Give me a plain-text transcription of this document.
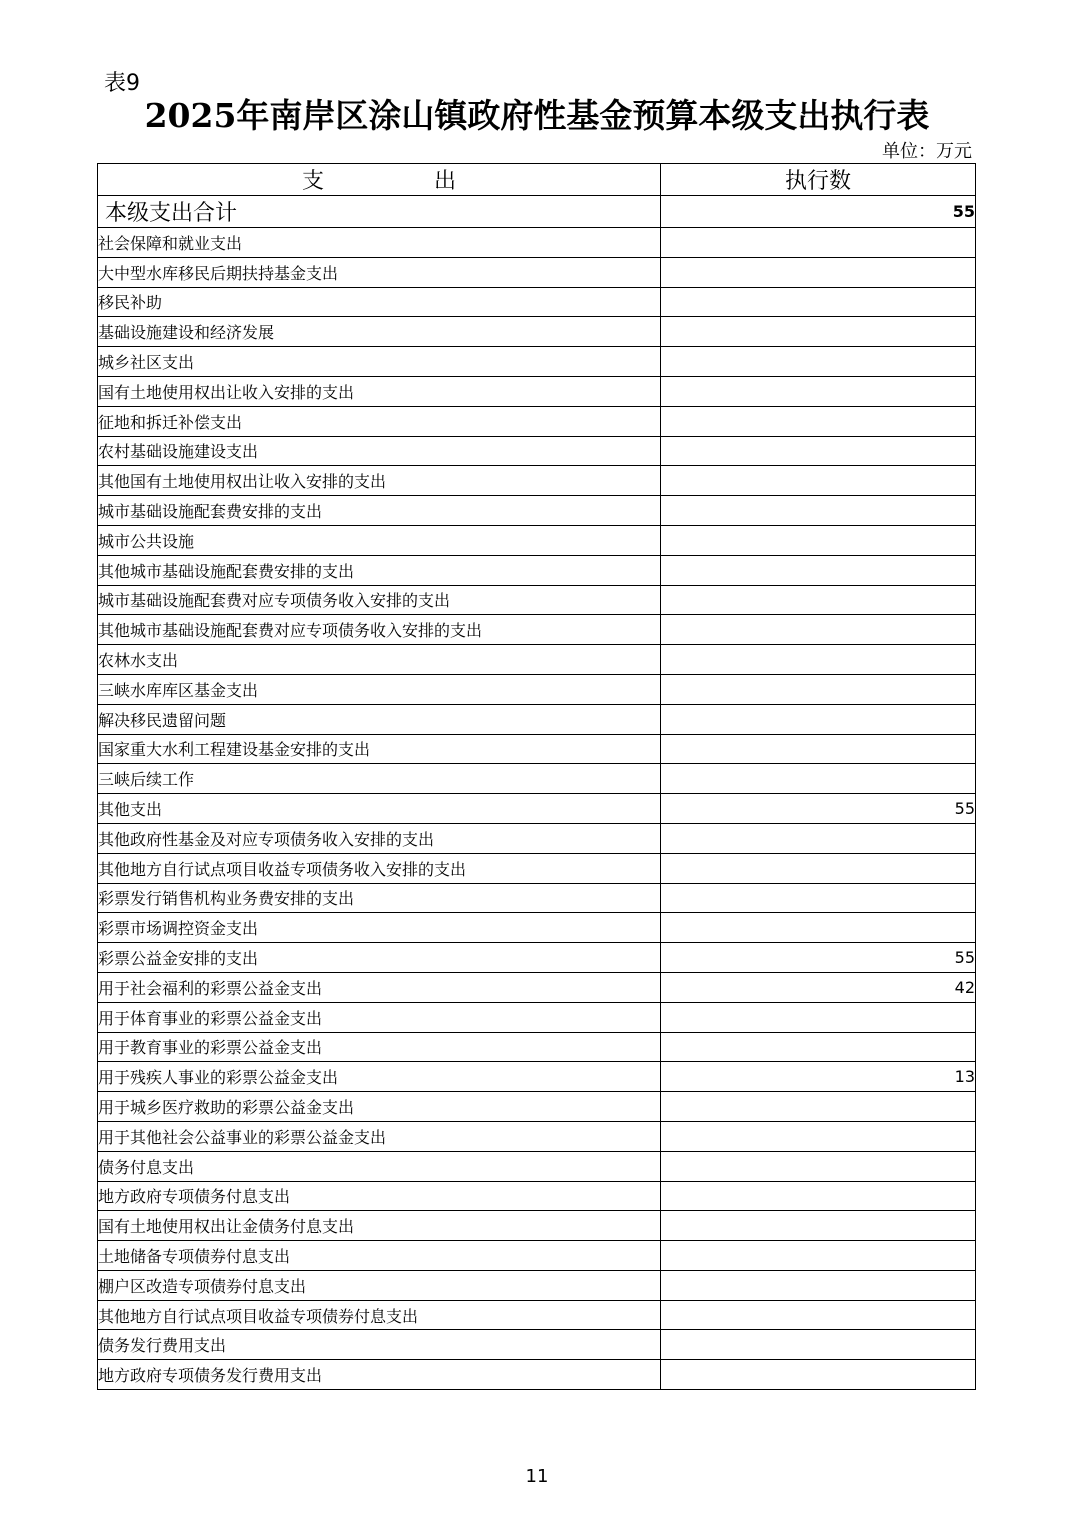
表9
2025年南岸区涂山镇政府性基金预算本级支出执行表
单位：万元
支出	执行数
本级支出合计	55
社会保障和就业支出	
大中型水库移民后期扶持基金支出	
移民补助	
基础设施建设和经济发展	
城乡社区支出	
国有土地使用权出让收入安排的支出	
征地和拆迁补偿支出	
农村基础设施建设支出	
其他国有土地使用权出让收入安排的支出	
城市基础设施配套费安排的支出	
城市公共设施	
其他城市基础设施配套费安排的支出	
城市基础设施配套费对应专项债务收入安排的支出	
其他城市基础设施配套费对应专项债务收入安排的支出	
农林水支出	
三峡水库库区基金支出	
解决移民遗留问题	
国家重大水利工程建设基金安排的支出	
三峡后续工作	
其他支出	55
其他政府性基金及对应专项债务收入安排的支出	
其他地方自行试点项目收益专项债务收入安排的支出	
彩票发行销售机构业务费安排的支出	
彩票市场调控资金支出	
彩票公益金安排的支出	55
用于社会福利的彩票公益金支出	42
用于体育事业的彩票公益金支出	
用于教育事业的彩票公益金支出	
用于残疾人事业的彩票公益金支出	13
用于城乡医疗救助的彩票公益金支出	
用于其他社会公益事业的彩票公益金支出	
债务付息支出	
地方政府专项债务付息支出	
国有土地使用权出让金债务付息支出	
土地储备专项债券付息支出	
棚户区改造专项债券付息支出	
其他地方自行试点项目收益专项债券付息支出	
债务发行费用支出	
地方政府专项债务发行费用支出	
11
